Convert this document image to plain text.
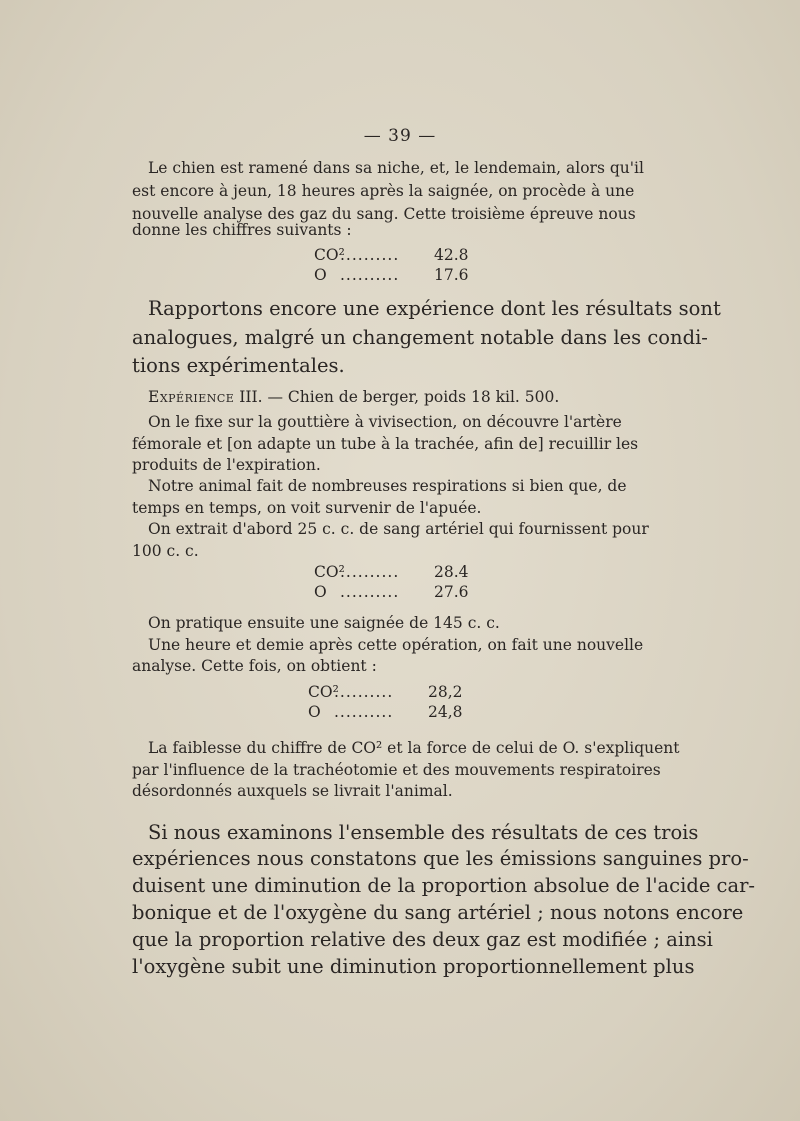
— 39 —
Le chien est ramené dans sa niche, et, le lendemain, alors qu'il
est encore à jeun, 18 heures après la saignée, on procède à une
nouvelle analyse des gaz du sang. Cette troisième épreuve nous
donne les chiffres suivants :
CO².......... 42.8
O .......... 17.6
Rapportons encore une expérience dont les résultats sont
analogues, malgré un changement notable dans les condi-
tions expérimentales.
Expérience III. — Chien de berger, poids 18 kil. 500.
On le fixe sur la gouttière à vivisection, on découvre l'artère
fémorale et [on adapte un tube à la trachée, afin de] recuillir les
produits de l'expiration.
Notre animal fait de nombreuses respirations si bien que, de
temps en temps, on voit survenir de l'apuée.
On extrait d'abord 25 c. c. de sang artériel qui fournissent pour
100 c. c.
CO².......... 28.4
O .......... 27.6
On pratique ensuite une saignée de 145 c. c.
Une heure et demie après cette opération, on fait une nouvelle
analyse. Cette fois, on obtient :
CO².......... 28,2
O .......... 24,8
La faiblesse du chiffre de CO² et la force de celui de O. s'expliquent
par l'influence de la trachéotomie et des mouvements respiratoires
désordonnés auxquels se livrait l'animal.
Si nous examinons l'ensemble des résultats de ces trois
expériences nous constatons que les émissions sanguines pro-
duisent une diminution de la proportion absolue de l'acide car-
bonique et de l'oxygène du sang artériel ; nous notons encore
que la proportion relative des deux gaz est modifiée ; ainsi
l'oxygène subit une diminution proportionnellement plus
